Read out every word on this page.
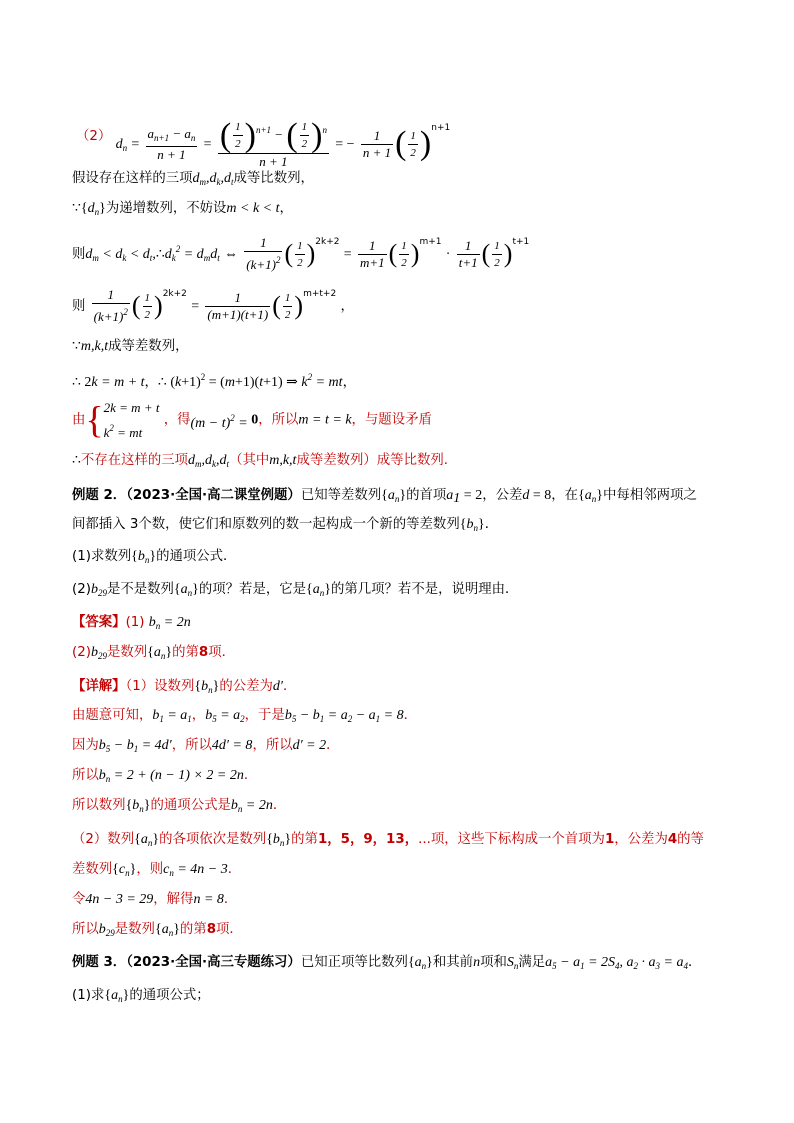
（2） $d_n = \frac{a_{n+1} - a_n}{n + 1} = \frac{( \frac{1}{2} )^{n+1} - ( \frac{1}{2} )^n}{n + 1}$ = − $\frac{1}{n + 1}$ ( $\frac{1}{2} )^{n+1}$
假设存在这样的三项$d_m,d_k,d_t$成等比数列，
$\because\{d_n\}$为递增数列，不妨设m < k < t，
则$d_m < d_k$ < $d_t,\therefore d_k^2 = d_md_t$ ⇔ $\frac{1}{(k+1)^2}$ ( $\frac{1}{2} )^{2k+2} = \frac{1}{m+1}$ ( $\frac{1}{2} )^{m+1} \cdot \frac{1}{t+1}$ ( $\frac{1}{2} )^{t+1}$
则 $\frac{1}{(k+1)^2}$ ( $\frac{1}{2} )^{2k+2} = \frac{1}{(m+1)(t+1)}$ ( $\frac{1}{2} )^{m+t+2}$ ，
∵m,k,t成等差数列，
∴ 2k = m + t，∴ $(k+1)^2 = (m+1)(t+1)$ ⇒ $k^2$ = mt，
由{2k = m + t
$k^2$ = mt ，得$(m - t)^2 = 0$，所以m = t = k，与题设矛盾
∴不存在这样的三项$d_m,d_k,d_t$（其中m,k,t成等差数列）成等比数列.
例题 2．（2023·全国·高二课堂例题）已知等差数列$\{a_n\}$的首项$a_1 = 2$，公差d = 8，在$\{a_n\}$中每相邻两项之
间都插入 3个数，使它们和原数列的数一起构成一个新的等差数列$\{b_n\}$．
(1)求数列$\{b_n\}$的通项公式．
$(2)b_{29}$是不是数列$\{a_n\}$的项？若是，它是$\{a_n\}$的第几项？若不是，说明理由．
【答案】(1) $b_n = 2n$
$(2)b_{29}$是数列$\{a_n\}$的第8项．
【详解】（1）设数列$\{b_n\}$的公差为d′．
由题意可知，$b_1 = a_1$，$b_5 = a_2$，于是$b_5 - b_1 = a_2 - a_1 = 8$．
因为$b_5 - b_1 = 4d'$，所以4d′ = 8，所以d′ = 2．
所以$b_n = 2 + (n - 1) \times 2 = 2n$．
所以数列$\{b_n\}$的通项公式是$b_n = 2n$．
（2）数列$\{a_n\}$的各项依次是数列$\{b_n\}$的第1，5，9，13，...项，这些下标构成一个首项为1，公差为4的等
差数列$\{c_n\}$，则$c_n = 4n - 3$．
令4n − 3 = 29，解得n = 8．
所以$b_{29}$是数列$\{a_n\}$的第8项．
例题 3．（2023·全国·高三专题练习）已知正项等比数列$\{a_n\}$和其前n项和$S_n$满足$a_5 - a_1 = 2S_4$, $a_2 \cdot a_3 = a_4$．
(1)求$\{a_n\}$的通项公式；
